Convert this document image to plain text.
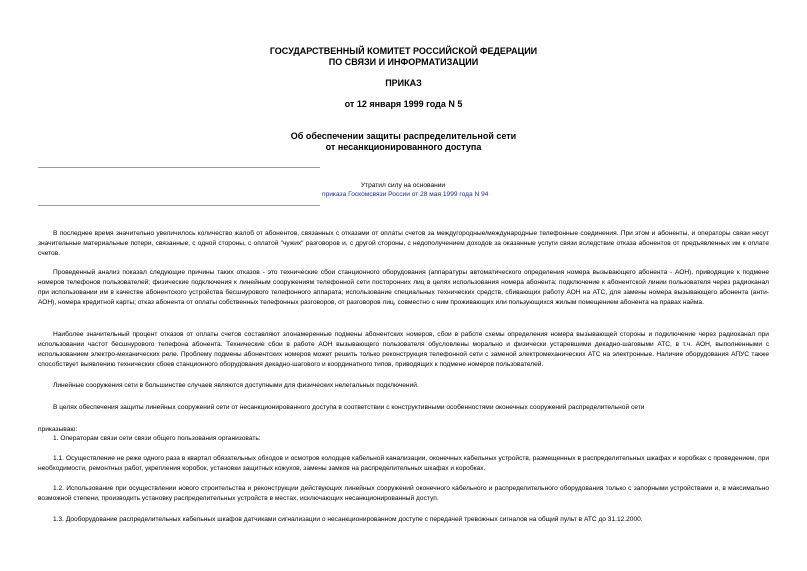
ГОСУДАРСТВЕННЫЙ КОМИТЕТ РОССИЙСКОЙ ФЕДЕРАЦИИ
ПО СВЯЗИ И ИНФОРМАТИЗАЦИИ
ПРИКАЗ
от 12 января 1999 года N 5
Об обеспечении защиты распределительной сети
от несанкционированного доступа
Утратил силу на основании
приказа Госкомсвязи России от 28 мая 1999 года N 94

В последнее время значительно увеличилось количество жалоб от абонентов, связанных с отказами от оплаты счетов за междугородные/международные телефонные соединения. При этом и абоненты, и операторы связи несут значительные материальные потери, связанные, с одной стороны, с оплатой "чужих" разговоров и, с другой стороны, с недополучением доходов за оказанные услуги связи вследствие отказа абонентов от предъявленных им к оплате счетов.

Проведенный анализ показал следующие причины таких отказов - это технические сбои станционного оборудования (аппаратуры автоматического определения номера вызывающего абонента - АОН), приводящие к подмене номеров телефонов пользователей; физические подключения к линейным сооружениям телефонной сети посторонних лиц в целях использования номера абонента; подключение к абонентской линии пользователя через радиоканал при использовании им в качестве абонентского устройства бесшнурового телефонного аппарата; использование специальных технических средств, сбивающих работу АОН на АТС, для замены номера вызывающего абонента (анти-АОН), номера кредитной карты; отказ абонента от оплаты собственных телефонных разговоров, от разговоров лиц, совместно с ним проживающих или пользующихся жилым помещением абонента на правах найма.

Наиболее значительный процент отказов от оплаты счетов составляют злонамеренные подмены абонентских номеров, сбои в работе схемы определения номера вызывающей стороны и подключение через радиоканал при использовании частот бесшнурового телефона абонента. Технические сбои в работе АОН вызывающего пользователя обусловлены морально и физически устаревшими декадно-шаговыми АТС, в т.ч. АОН, выполненными с использованием электро-механических реле. Проблему подмены абонентских номеров может решить только реконструкция телефонной сети с заменой электромеханических АТС на электронные. Наличие оборудования АПУС также способствует выявлению технических сбоев станционного оборудования декадно-шагового и координатного типов, приводящих к подмене номеров пользователей.

Линейные сооружения сети в большинстве случаев являются доступными для физических нелегальных подключений.

В целях обеспечения защиты линейных сооружений сети от несанкционированного доступа в соответствии с конструктивными особенностями оконечных сооружений распределительной сети

приказываю:

1. Операторам связи сети связи общего пользования организовать:

1.1. Осуществление не реже одного раза в квартал обязательных обходов и осмотров колодцев кабельной канализации, оконечных кабельных устройств, размещенных в распределительных шкафах и коробках с проведением, при необходимости, ремонтных работ, укрепления коробок, установки защитных кожухов, замены замков на распределительных шкафах и коробках.

1.2. Использование при осуществлении нового строительства и реконструкции действующих линейных сооружений оконечного кабельного и распределительного оборудования только с запорными устройствами и, в максимально возможной степени, производить установку распределительных устройств в местах, исключающих несанкционированный доступ.

1.3. Дооборудование распределительных кабельных шкафов датчиками сигнализации о несанкционированном доступе с передачей тревожных сигналов на общий пульт в АТС до 31.12.2000.
